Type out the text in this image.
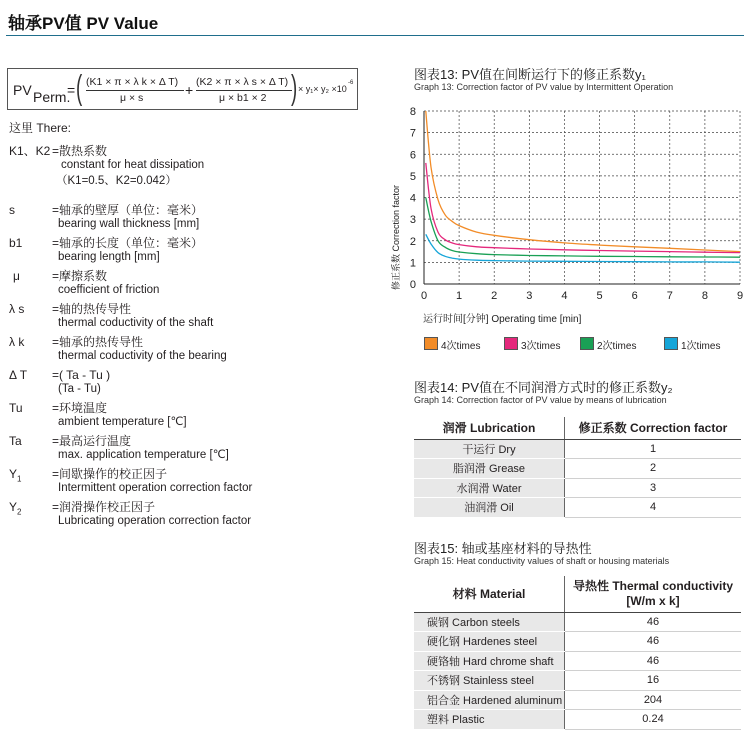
轴承PV值 PV Value
PV Perm.
= ( (K1 × π × λ k × Δ T)
μ × s	+ (K2 × π × λ s × Δ T)
μ × b1 × 2 ) × y₁× y₂ ×10
-6
这里 There:
K1、K2 =散热系数
constant for heat dissipation
（K1=0.5、K2=0.042）
s	=轴承的壁厚（单位：毫米）
bearing wall thickness [mm]
b1	=轴承的长度（单位：毫米）
bearing length [mm]
μ	=摩擦系数
coefficient of friction
λ s	=轴的热传导性
thermal coductivity of the shaft
λ k	=轴承的热传导性
thermal coductivity of the bearing
Δ T	=( Ta - Tu )
(Ta - Tu)
Tu	=环境温度
ambient temperature [℃]
Ta	=最高运行温度
max. application temperature [℃]
$Y_1$	=间歇操作的校正因子
Intermittent operation correction factor
$Y_2$	=润滑操作校正因子
Lubricating operation correction factor
图表13: PV值在间断运行下的修正系数y₁
Graph 13: Correction factor of PV value by Intermittent Operation
0	1	2	3	4	5	6	7	8	9
0
1
2
3
4
5
6
7
8
修正系数 Correction factor
运行时间[分钟] Operating time [min]
4次times	3次times	2次times	1次times
图表14: PV值在不同润滑方式时的修正系数y₂
Graph 14: Correction factor of PV value by means of lubrication
润滑 Lubrication	修正系数 Correction factor
干运行 Dry	1
脂润滑 Grease	2
水润滑 Water	3
油润滑 Oil	4
图表15: 轴或基座材料的导热性
Graph 15: Heat conductivity values of shaft or housing materials
材料 Material	导热性 Thermal conductivity
[W/m x k]

碳钢 Carbon steels	46
硬化钢 Hardenes steel	46
硬铬轴 Hard chrome shaft	46
不锈钢 Stainless steel	16
铝合金 Hardened aluminum	204
塑料 Plastic	0.24
